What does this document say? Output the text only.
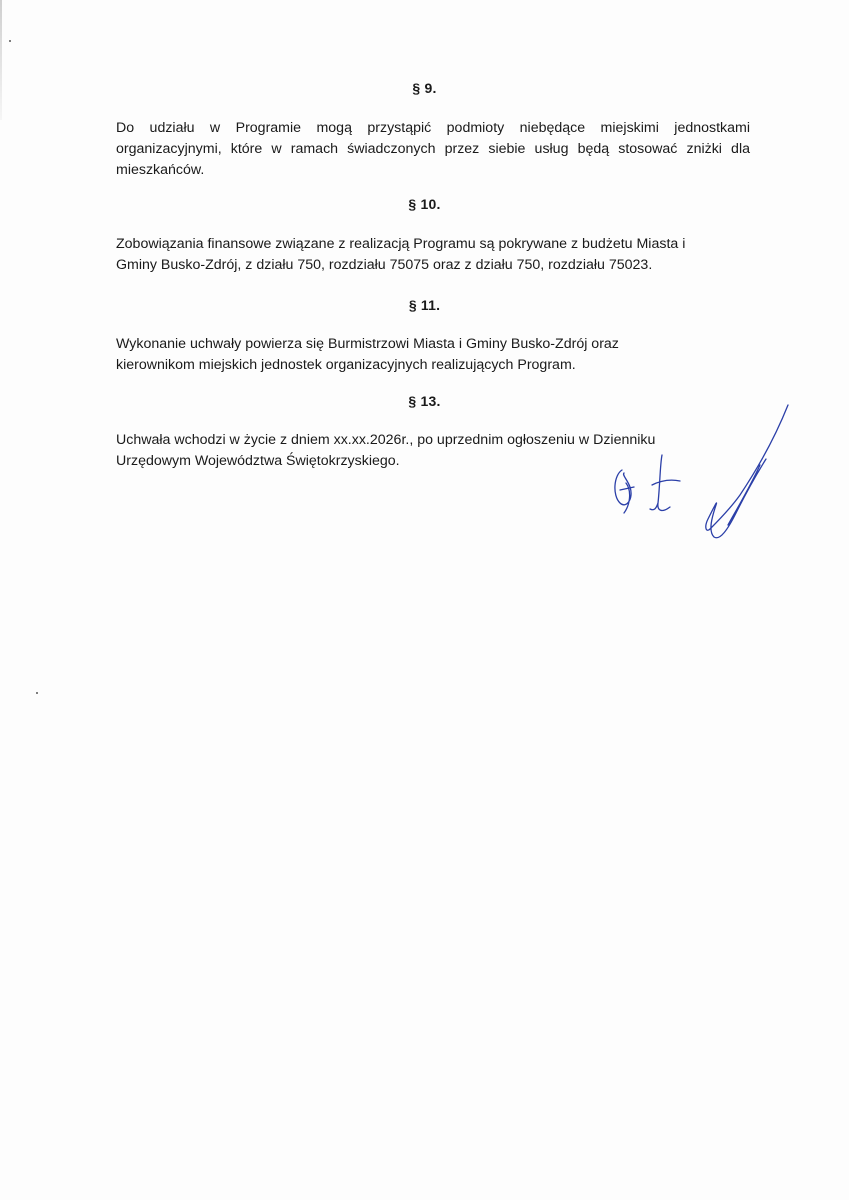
§ 9.
Do udziału w Programie mogą przystąpić podmioty niebędące miejskimi jednostkami
organizacyjnymi, które w ramach świadczonych przez siebie usług będą stosować zniżki dla
mieszkańców.
§ 10.
Zobowiązania finansowe związane z realizacją Programu są pokrywane z budżetu Miasta i
Gminy Busko-Zdrój, z działu 750, rozdziału 75075 oraz z działu 750, rozdziału 75023.
§ 11.
Wykonanie uchwały powierza się Burmistrzowi Miasta i Gminy Busko-Zdrój oraz
kierownikom miejskich jednostek organizacyjnych realizujących Program.
§ 13.
Uchwała wchodzi w życie z dniem xx.xx.2026r., po uprzednim ogłoszeniu w Dzienniku
Urzędowym Województwa Świętokrzyskiego.
